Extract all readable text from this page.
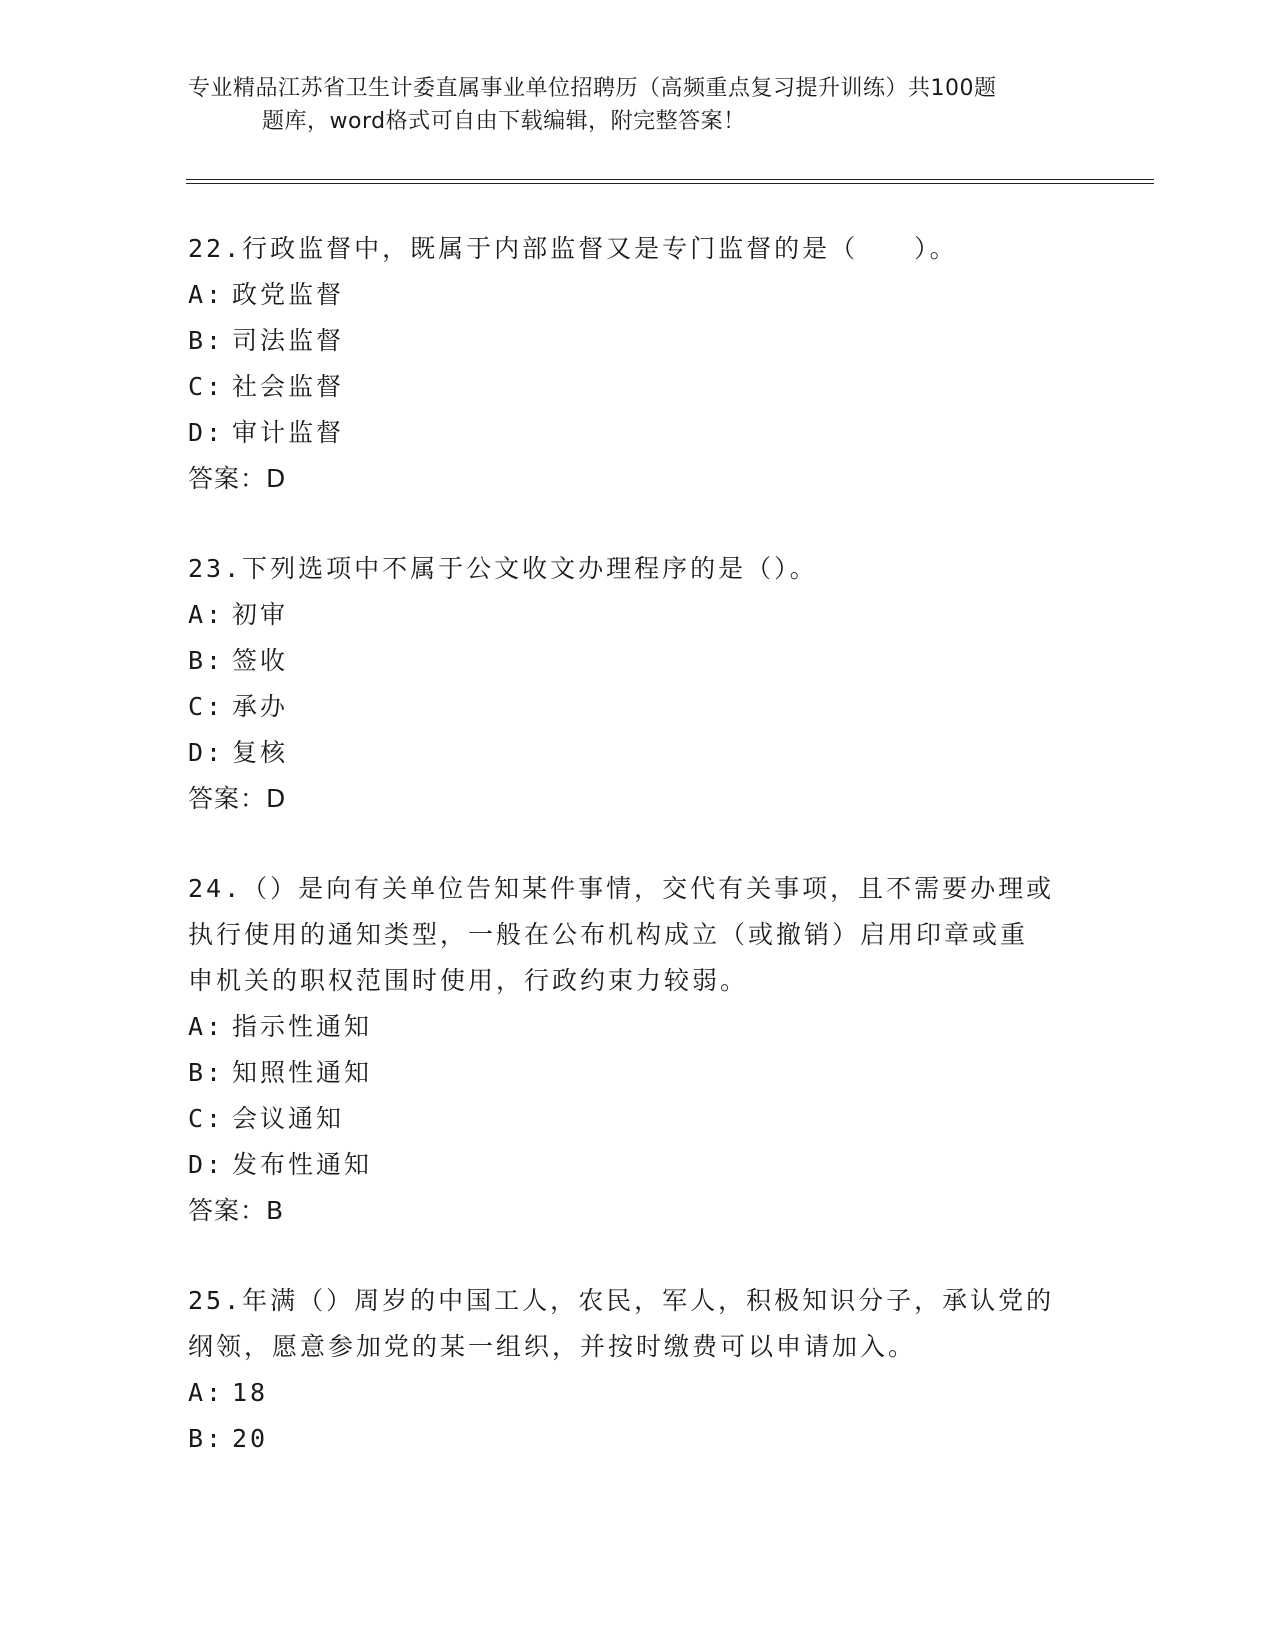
专业精品江苏省卫生计委直属事业单位招聘历（高频重点复习提升训练）共100题
题库，word格式可自由下载编辑，附完整答案！
22.行政监督中，既属于内部监督又是专门监督的是（　　）。
A: 政党监督
B: 司法监督
C: 社会监督
D: 审计监督
答案：D
23.下列选项中不属于公文收文办理程序的是（）。
A: 初审
B: 签收
C: 承办
D: 复核
答案：D
24.（）是向有关单位告知某件事情，交代有关事项，且不需要办理或
执行使用的通知类型，一般在公布机构成立（或撤销）启用印章或重
申机关的职权范围时使用，行政约束力较弱。
A: 指示性通知
B: 知照性通知
C: 会议通知
D: 发布性通知
答案：B
25.年满（）周岁的中国工人，农民，军人，积极知识分子，承认党的
纲领，愿意参加党的某一组织，并按时缴费可以申请加入。
A: 18
B: 20
